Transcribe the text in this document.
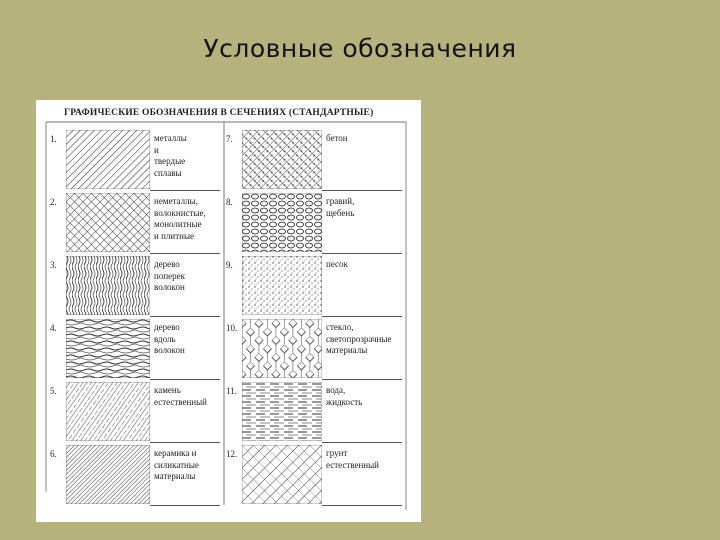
Условные обозначения
ГРАФИЧЕСКИЕ ОБОЗНАЧЕНИЯ В СЕЧЕНИЯХ (СТАНДАРТНЫЕ)
1.	металлы и
твердые
сплавы
2.	неметаллы,
волокнистые,
монолитные
и плитные
3.	дерево
поперек
волокон
4.	дерево вдоль
волокон
5.	камень
естественный
6.	керамика и
силикатные
материалы
7.	бетон
8.	гравий, щебень
9.	песок
10.	стекло,
светопрозрачные
материалы
11.	вода, жидкость
12.	грунт
естественный
